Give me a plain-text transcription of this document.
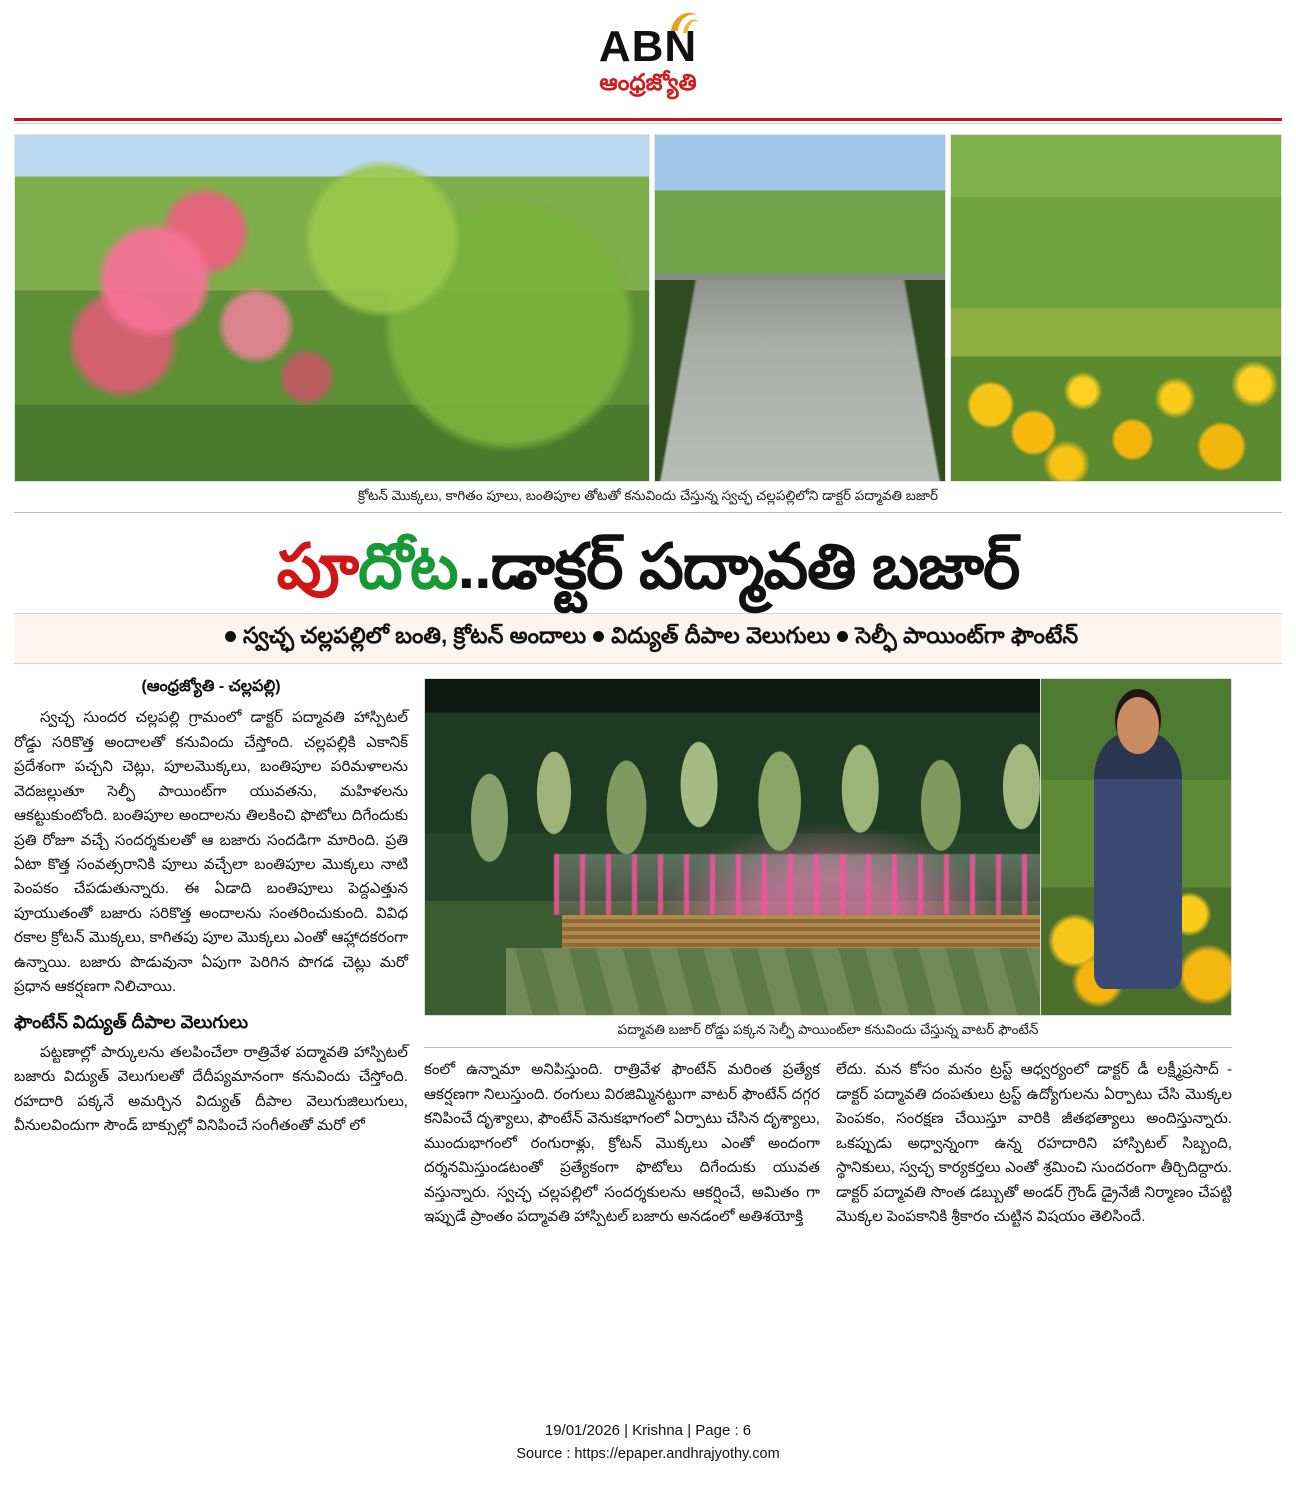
ABN
ఆంధ్రజ్యోతి
క్రోటన్ మొక్కలు, కాగితం పూలు, బంతిపూల తోటతో కనువిందు చేస్తున్న స్వచ్ఛ చల్లపల్లిలోని డాక్టర్ పద్మావతి బజార్
పూదోట..డాక్టర్ పద్మావతి బజార్
స్వచ్ఛ చల్లపల్లిలో బంతి, క్రోటన్ అందాలు విద్యుత్ దీపాల వెలుగులు సెల్ఫీ పాయింట్‌గా ఫౌంటేన్
(ఆంధ్రజ్యోతి - చల్లపల్లి)

స్వచ్ఛ సుందర చల్లపల్లి గ్రామంలో డాక్టర్ పద్మావతి హాస్పిటల్ రోడ్డు సరికొత్త అందాలతో కనువిందు చేస్తోంది. చల్లపల్లికి ఎకానిక్ ప్రదేశంగా పచ్చని చెట్లు, పూలమొక్కలు, బంతిపూల పరిమళాలను వెదజల్లుతూ సెల్ఫీ పాయింట్‌గా యువతను, మహిళలను ఆకట్టుకుంటోంది. బంతిపూల అందాలను తిలకించి ఫొటోలు దిగేందుకు ప్రతి రోజూ వచ్చే సందర్శకులతో ఆ బజారు సందడిగా మారింది. ప్రతి ఏటా కొత్త సంవత్సరానికి పూలు వచ్చేలా బంతిపూల మొక్కలు నాటి పెంపకం చేపడుతున్నారు. ఈ ఏడాది బంతిపూలు పెద్దఎత్తున పూయుతంతో బజారు సరికొత్త అందాలను సంతరించుకుంది. వివిధ రకాల క్రోటన్ మొక్కలు, కాగితపు పూల మొక్కలు ఎంతో ఆహ్లాదకరంగా ఉన్నాయి. బజారు పొడువునా ఏపుగా పెరిగిన పొగడ చెట్లు మరో ప్రధాన ఆకర్షణగా నిలిచాయి.

ఫౌంటేన్ విద్యుత్ దీపాల వెలుగులు

పట్టణాల్లో పార్కులను తలపించేలా రాత్రివేళ పద్మావతి హాస్పిటల్ బజారు విద్యుత్ వెలుగులతో దేదీప్యమానంగా కనువిందు చేస్తోంది. రహదారి పక్కనే అమర్చిన విద్యుత్ దీపాల వెలుగుజిలుగులు, వీనులవిందుగా సౌండ్ బాక్సుల్లో వినిపించే సంగీతంతో మరో లో

పద్మావతి బజార్ రోడ్డు పక్కన సెల్ఫీ పాయింట్‌లా కనువిందు చేస్తున్న వాటర్ ఫౌంటేన్

కంలో ఉన్నామా అనిపిస్తుంది. రాత్రివేళ ఫౌంటేన్ మరింత ప్రత్యేక ఆకర్షణగా నిలుస్తుంది. రంగులు విరజిమ్మినట్టుగా వాటర్ ఫౌంటేన్ దగ్గర కనిపించే దృశ్యాలు, ఫౌంటేన్ వెనుకభాగంలో ఏర్పాటు చేసిన దృశ్యాలు, ముందుభాగంలో రంగురాళ్లు, క్రోటన్ మొక్కలు ఎంతో అందంగా దర్శనమిస్తుండటంతో ప్రత్యేకంగా ఫొటోలు దిగేందుకు యువత వస్తున్నారు. స్వచ్ఛ చల్లపల్లిలో సందర్శకులను ఆకర్షించే, అమితం గా ఇప్పుడే ప్రాంతం పద్మావతి హాస్పిటల్ బజారు అనడంలో అతిశయోక్తి

లేదు. మన కోసం మనం ట్రస్ట్ ఆధ్వర్యంలో డాక్టర్ డీ లక్ష్మీప్రసాద్ - డాక్టర్ పద్మావతి దంపతులు ట్రస్ట్ ఉద్యోగులను ఏర్పాటు చేసి మొక్కల పెంపకం, సంరక్షణ చేయిస్తూ వారికి జీతభత్యాలు అందిస్తున్నారు. ఒకప్పుడు అధ్వాన్నంగా ఉన్న రహదారిని హాస్పిటల్ సిబ్బంది, స్థానికులు, స్వచ్ఛ కార్యకర్తలు ఎంతో శ్రమించి సుందరంగా తీర్చిదిద్దారు. డాక్టర్ పద్మావతి సొంత డబ్బుతో అండర్ గ్రౌండ్ డ్రైనేజీ నిర్మాణం చేపట్టి మొక్కల పెంపకానికి శ్రీకారం చుట్టిన విషయం తెలిసిందే.

19/01/2026 | Krishna | Page : 6
Source : https://epaper.andhrajyothy.com
